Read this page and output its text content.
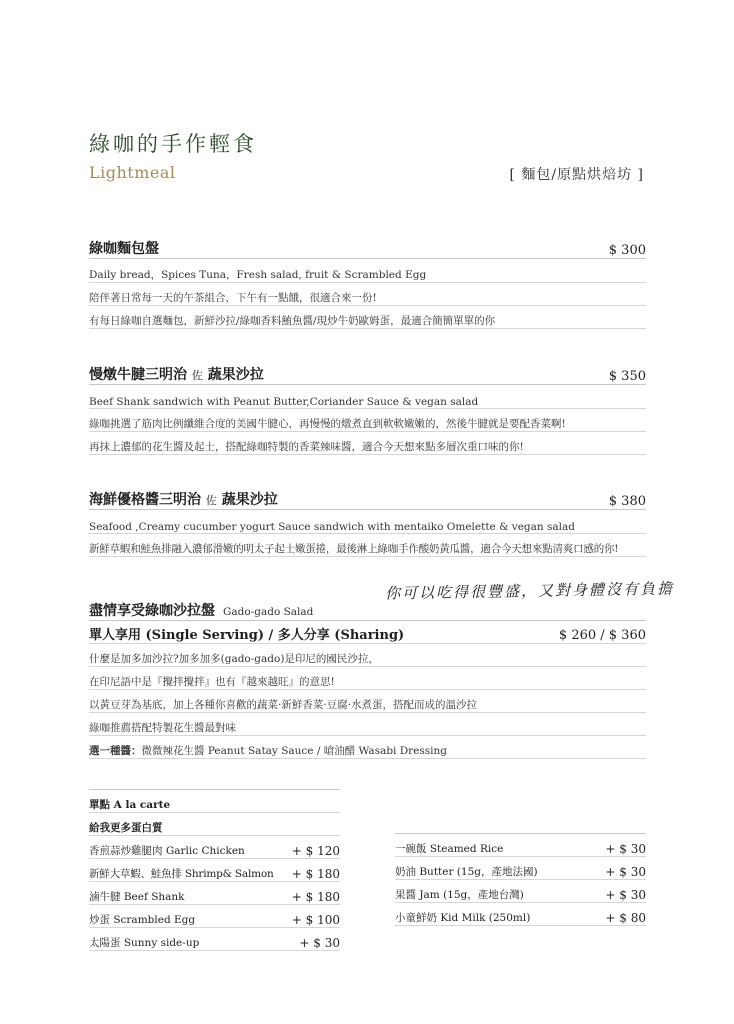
綠咖的手作輕食
Lightmeal	[ 麵包/原點烘焙坊 ]
綠咖麵包盤	$ 300
Daily bread，Spices Tuna，Fresh salad, fruit & Scrambled Egg
陪伴著日常每一天的午茶組合，下午有一點餓，很適合來一份!
有每日綠咖自選麵包，新鮮沙拉/綠咖香料鮪魚醬/現炒牛奶歐姆蛋，最適合簡簡單單的你
慢燉牛腱三明治 佐 蔬果沙拉	$ 350
Beef Shank sandwich with Peanut Butter,Coriander Sauce & vegan salad
綠咖挑選了筋肉比例纖維合度的美國牛腱心，再慢慢的燉煮直到軟軟嫩嫩的，然後牛腱就是要配香菜啊!
再抹上濃郁的花生醬及起士，搭配綠咖特製的香菜辣味醬，適合今天想來點多層次重口味的你!
海鮮優格醬三明治 佐 蔬果沙拉	$ 380
Seafood ,Creamy cucumber yogurt Sauce sandwich with mentaiko Omelette & vegan salad
新鮮草蝦和鮭魚排融入濃郁滑嫩的明太子起士嫩蛋捲，最後淋上綠咖手作酸奶黃瓜醬，適合今天想來點清爽口感的你!
你可以吃得很豐盛，又對身體沒有負擔
盡情享受綠咖沙拉盤 Gado-gado Salad
單人享用 (Single Serving) / 多人分享 (Sharing)	$ 260 / $ 360
什麼是加多加沙拉?加多加多(gado-gado)是印尼的國民沙拉，
在印尼語中是『攪拌攪拌』也有『越來越旺』的意思!
以黃豆芽為基底，加上各種你喜歡的蔬菜·新鮮香菜·豆腐·水煮蛋，搭配而成的溫沙拉
綠咖推薦搭配特製花生醬最對味
選一種醬： 微微辣花生醬 Peanut Satay Sauce / 嗆油醋 Wasabi Dressing
單點 A la carte
給我更多蛋白質
香煎蒜炒雞腿肉 Garlic Chicken	+ $ 120
新鮮大草蝦、鮭魚排 Shrimp& Salmon + $ 180
滷牛腱 Beef Shank	+ $ 180
炒蛋 Scrambled Egg	+ $ 100
太陽蛋 Sunny side-up	+ $ 30
一碗飯 Steamed Rice	+ $ 30
奶油 Butter (15g，產地法國)	+ $ 30
果醬 Jam (15g，產地台灣)	+ $ 30
小童鮮奶 Kid Milk (250ml)	+ $ 80
